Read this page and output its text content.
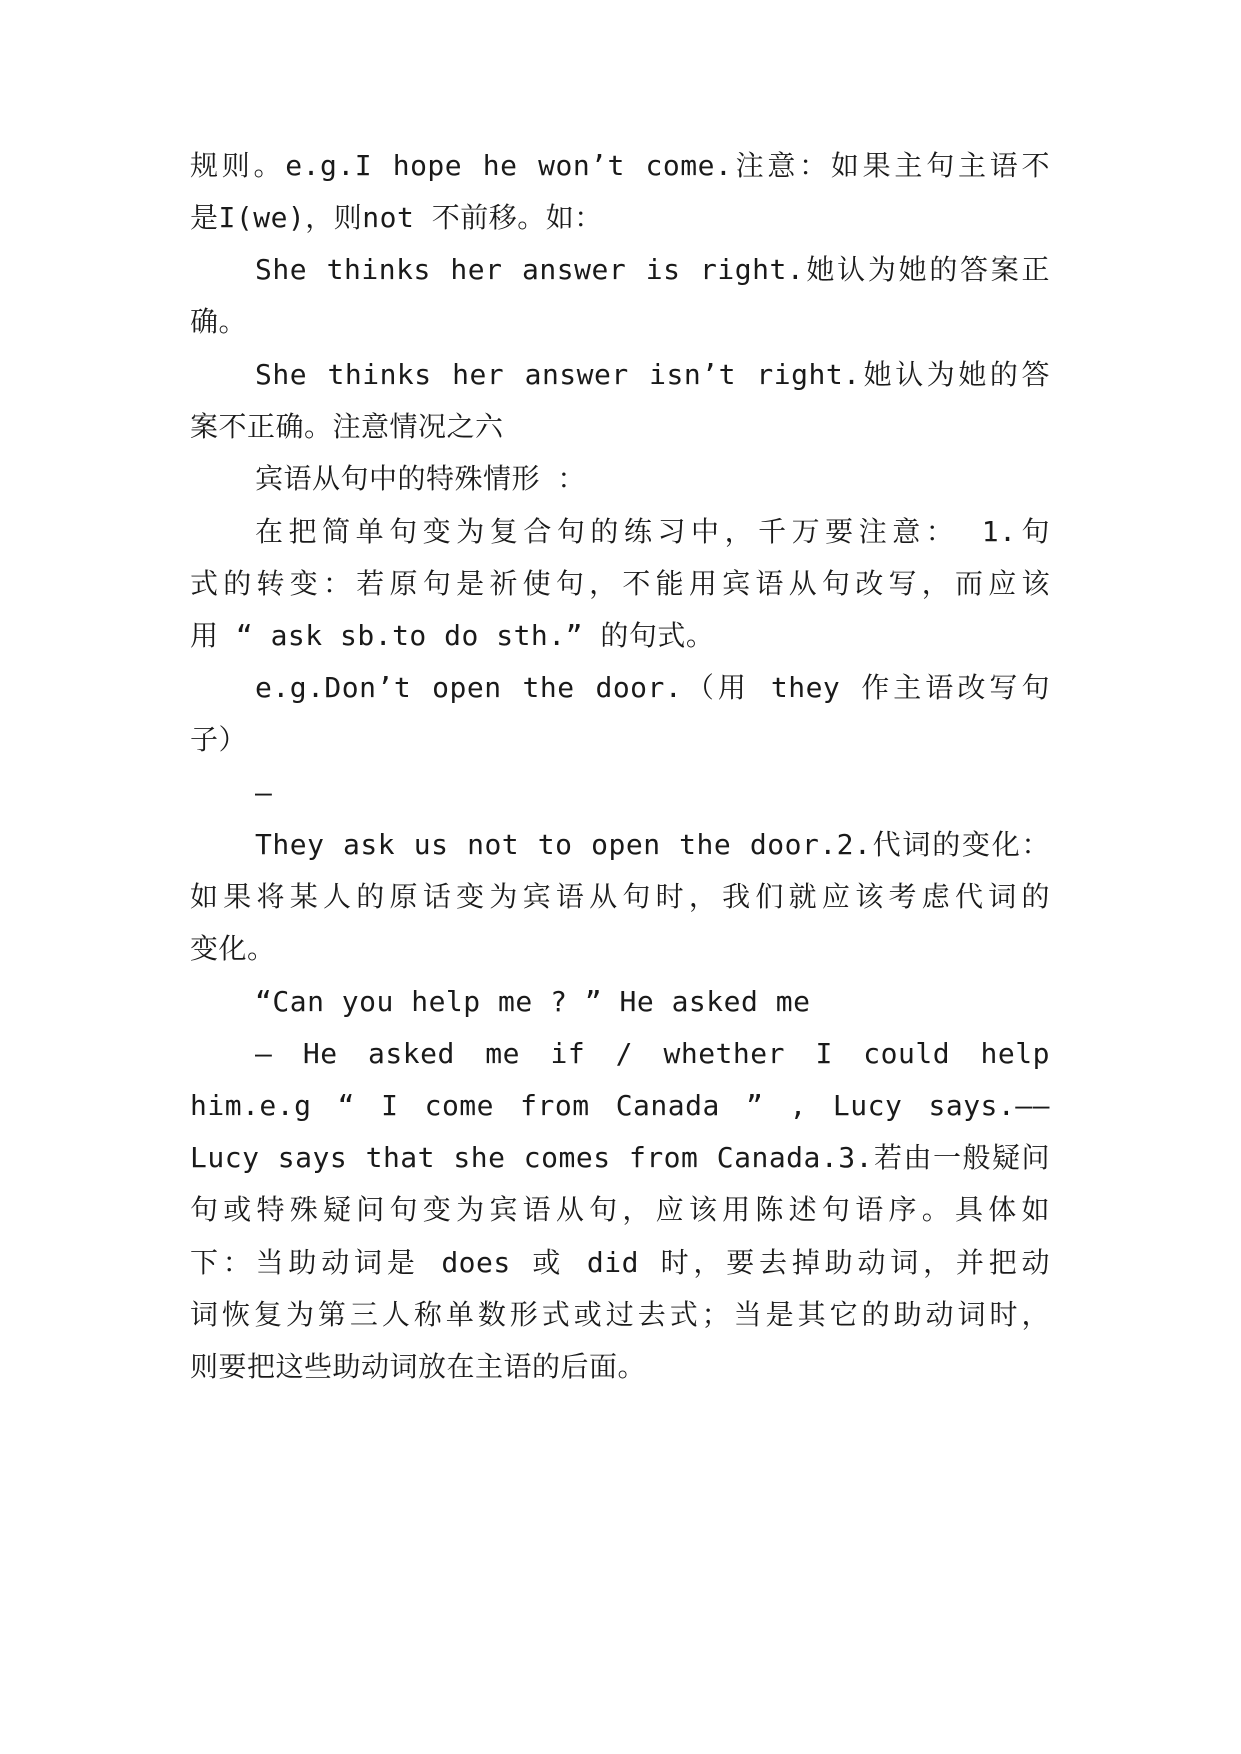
规则。e.g.I hope he won’t come.注意：如果主句主语不
是I(we)，则not 不前移。如：
She thinks her answer is right.她认为她的答案正
确。
She thinks her answer isn’t right.她认为她的答
案不正确。注意情况之六
宾语从句中的特殊情形 ：
在把简单句变为复合句的练习中，千万要注意： 1.句
式的转变：若原句是祈使句，不能用宾语从句改写，而应该
用 “ ask sb.to do sth.” 的句式。
e.g.Don’t open the door.（用 they 作主语改写句
子）
—
They ask us not to open the door.2.代词的变化：
如果将某人的原话变为宾语从句时，我们就应该考虑代词的
变化。
“Can you help me ? ” He asked me
— He asked me if / whether I could help
him.e.g “ I come from Canada ” , Lucy says.——
Lucy says that she comes from Canada.3.若由一般疑问
句或特殊疑问句变为宾语从句，应该用陈述句语序。具体如
下：当助动词是 does 或 did 时，要去掉助动词，并把动
词恢复为第三人称单数形式或过去式；当是其它的助动词时，
则要把这些助动词放在主语的后面。
